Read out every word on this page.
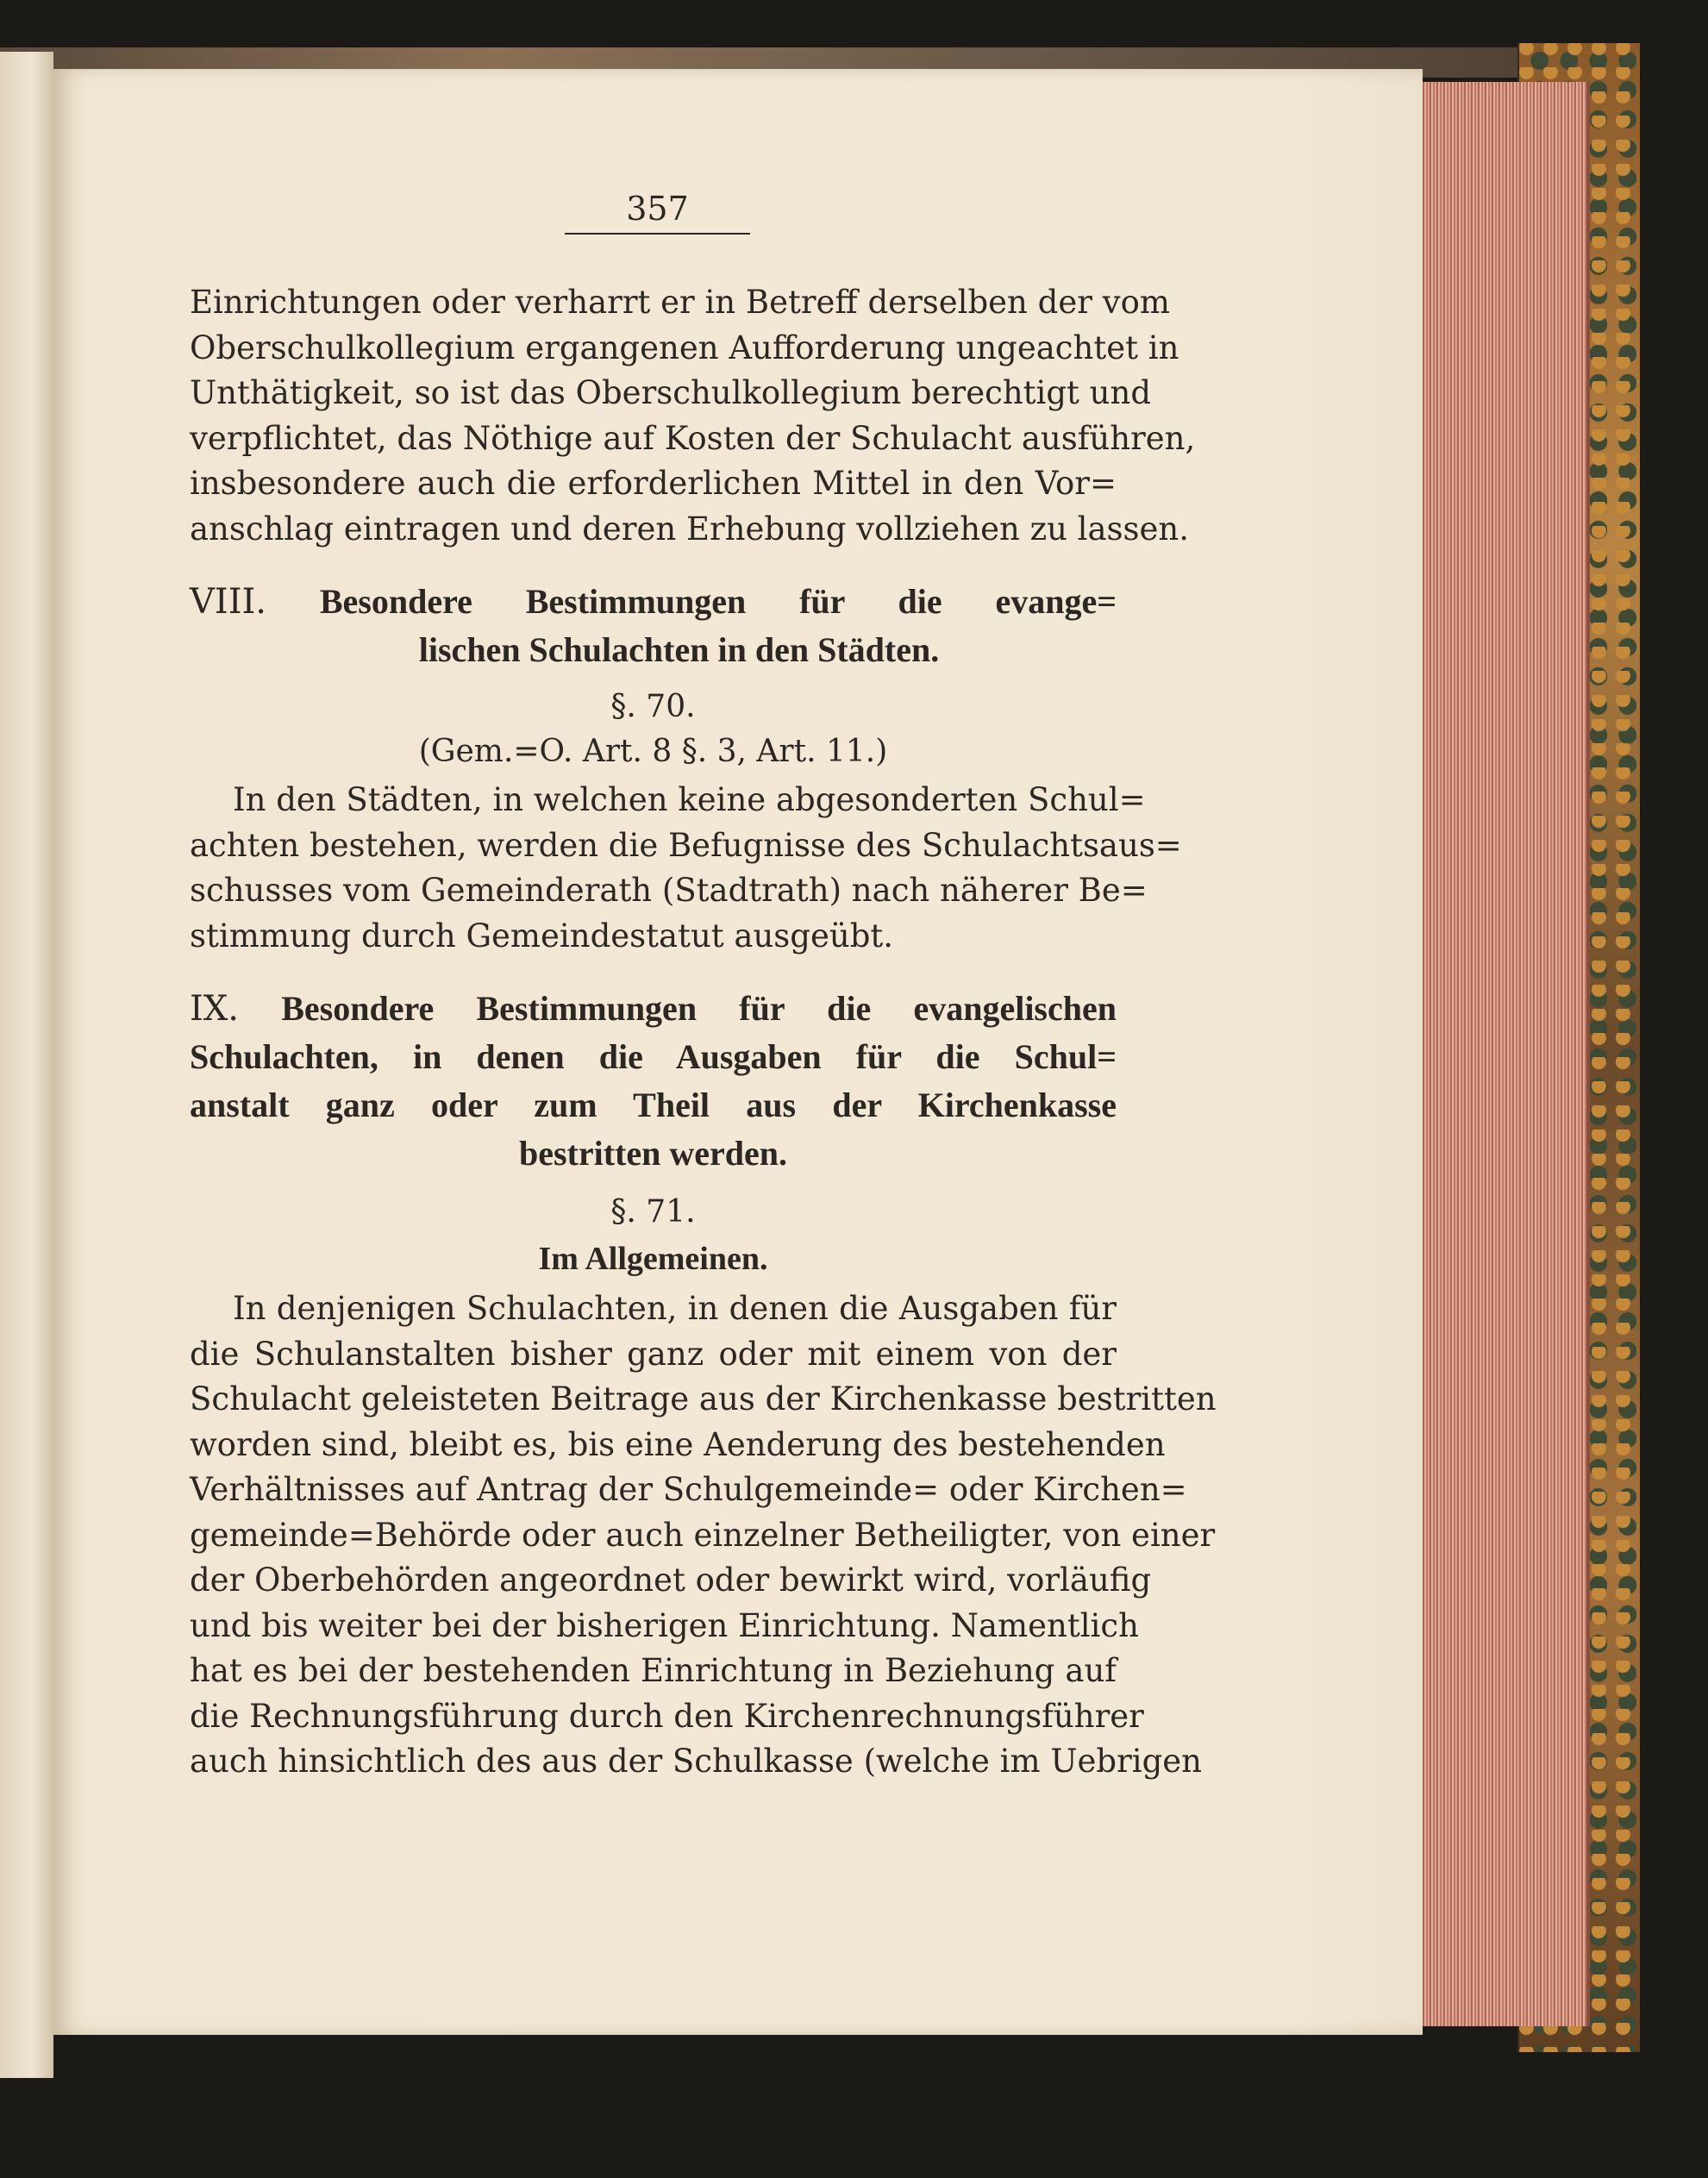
357
Einrichtungen oder verharrt er in Betreff derselben der vom
Oberschulkollegium ergangenen Aufforderung ungeachtet in
Unthätigkeit, so ist das Oberschulkollegium berechtigt und
verpflichtet, das Nöthige auf Kosten der Schulacht ausführen,
insbesondere auch die erforderlichen Mittel in den Vor=
anschlag eintragen und deren Erhebung vollziehen zu lassen.
VIII. Besondere Bestimmungen für die evange=
lischen Schulachten in den Städten.

§. 70.

(Gem.=O. Art. 8 §. 3, Art. 11.)

In den Städten, in welchen keine abgesonderten Schul=
achten bestehen, werden die Befugnisse des Schulachtsaus=
schusses vom Gemeinderath (Stadtrath) nach näherer Be=
stimmung durch Gemeindestatut ausgeübt.
IX. Besondere Bestimmungen für die evangelischen
Schulachten, in denen die Ausgaben für die Schul=
anstalt ganz oder zum Theil aus der Kirchenkasse
bestritten werden.

§. 71.

Im Allgemeinen.

In denjenigen Schulachten, in denen die Ausgaben für
die Schulanstalten bisher ganz oder mit einem von der
Schulacht geleisteten Beitrage aus der Kirchenkasse bestritten
worden sind, bleibt es, bis eine Aenderung des bestehenden
Verhältnisses auf Antrag der Schulgemeinde= oder Kirchen=
gemeinde=Behörde oder auch einzelner Betheiligter, von einer
der Oberbehörden angeordnet oder bewirkt wird, vorläufig
und bis weiter bei der bisherigen Einrichtung. Namentlich
hat es bei der bestehenden Einrichtung in Beziehung auf
die Rechnungsführung durch den Kirchenrechnungsführer
auch hinsichtlich des aus der Schulkasse (welche im Uebrigen
